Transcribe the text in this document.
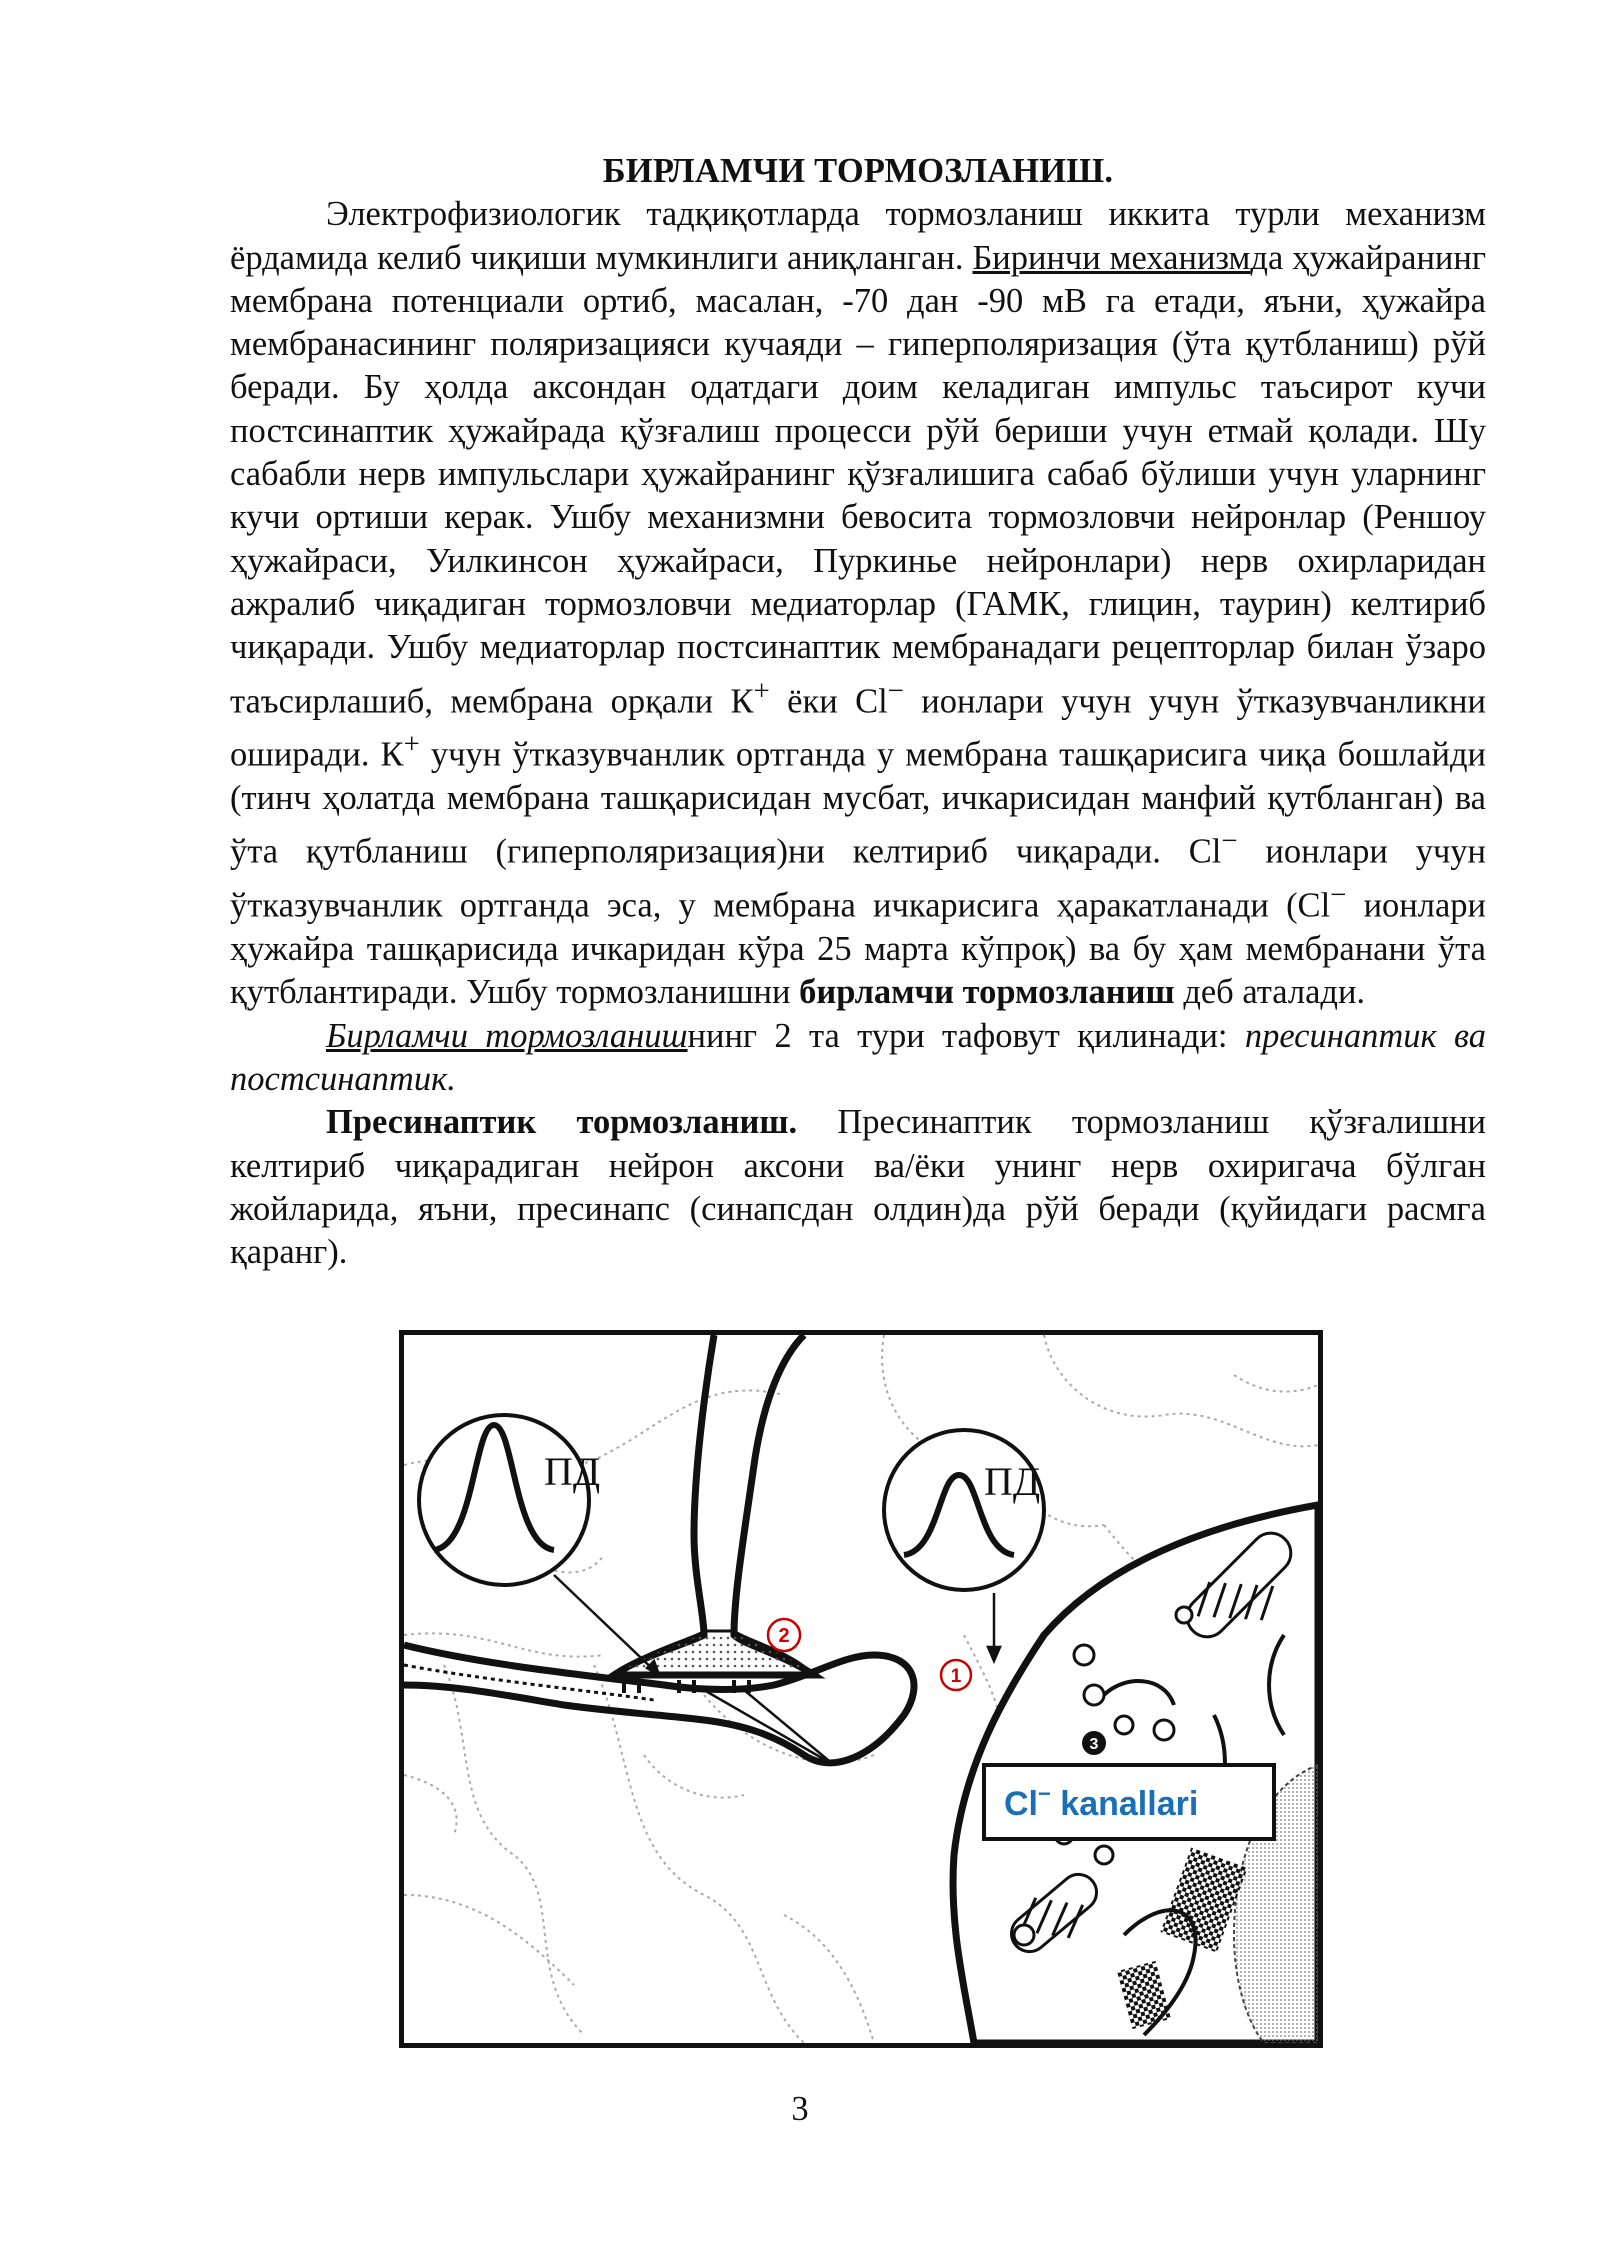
БИРЛАМЧИ ТОРМОЗЛАНИШ.

Электрофизиологик тадқиқотларда тормозланиш иккита турли механизм ёрдамида келиб чиқиши мумкинлиги аниқланган. Биринчи механизмда ҳужайранинг мембрана потенциали ортиб, масалан, -70 дан -90 мВ га етади, яъни, ҳужайра мембранасининг поляризацияси кучаяди – гиперполяризация (ўта қутбланиш) рўй беради. Бу ҳолда аксондан одатдаги доим келадиган импульс таъсирот кучи постсинаптик ҳужайрада қўзғалиш процесси рўй бериши учун етмай қолади. Шу сабабли нерв импульслари ҳужайранинг қўзғалишига сабаб бўлиши учун уларнинг кучи ортиши керак. Ушбу механизмни бевосита тормозловчи нейронлар (Реншоу ҳужайраси, Уилкинсон ҳужайраси, Пуркинье нейронлари) нерв охирларидан ажралиб чиқадиган тормозловчи медиаторлар (ГАМК, глицин, таурин) келтириб чиқаради. Ушбу медиаторлар постсинаптик мембранадаги рецепторлар билан ўзаро таъсирлашиб, мембрана орқали К+ ёки Cl− ионлари учун учун ўтказувчанликни оширади. К+ учун ўтказувчанлик ортганда у мембрана ташқарисига чиқа бошлайди (тинч ҳолатда мембрана ташқарисидан мусбат, ичкарисидан манфий қутбланган) ва ўта қутбланиш (гиперполяризация)ни келтириб чиқаради. Cl− ионлари учун ўтказувчанлик ортганда эса, у мембрана ичкарисига ҳаракатланади (Cl− ионлари ҳужайра ташқарисида ичкаридан кўра 25 марта кўпроқ) ва бу ҳам мембранани ўта қутблантиради. Ушбу тормозланишни бирламчи тормозланиш деб аталади.

Бирламчи тормозланишнинг 2 та тури тафовут қилинади: пресинаптик ва постсинаптик.

Пресинаптик тормозланиш. Пресинаптик тормозланиш қўзғалишни келтириб чиқарадиган нейрон аксони ва/ёки унинг нерв охиригача бўлган жойларида, яъни, пресинапс (синапсдан олдин)да рўй беради (қуйидаги расмга қаранг).

3
ПД	ПД
2
1
Cl− kanallari
3
